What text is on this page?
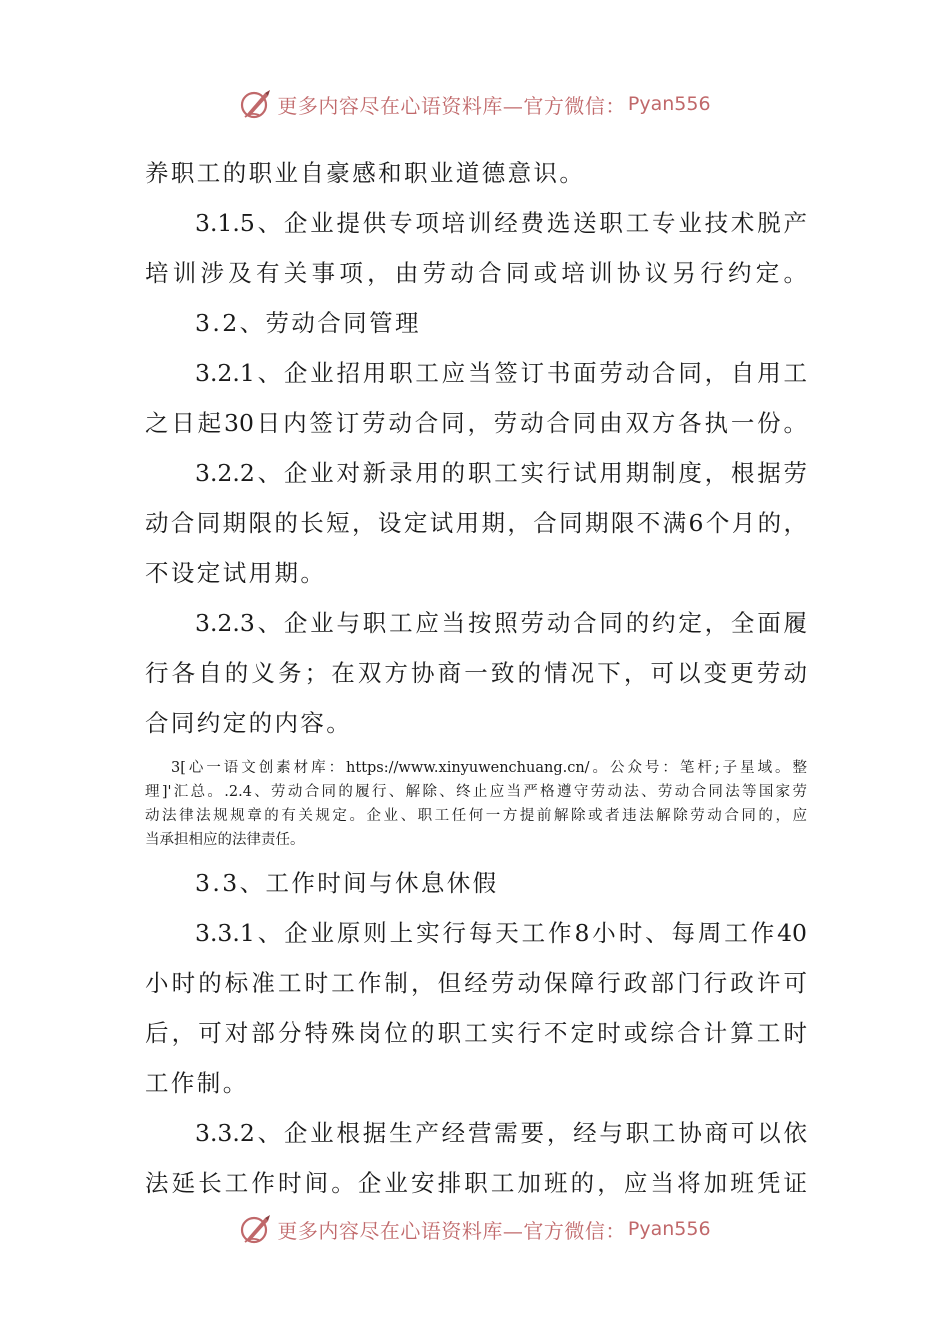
更多内容尽在心语资料库—官方微信： Pyan556
养职工的职业自豪感和职业道德意识。
3.1.5、企业提供专项培训经费选送职工专业技术脱产
培训涉及有关事项，由劳动合同或培训协议另行约定。
3.2、劳动合同管理
3.2.1、企业招用职工应当签订书面劳动合同，自用工
之日起30日内签订劳动合同，劳动合同由双方各执一份。
3.2.2、企业对新录用的职工实行试用期制度，根据劳
动合同期限的长短，设定试用期，合同期限不满6个月的，
不设定试用期。
3.2.3、企业与职工应当按照劳动合同的约定，全面履
行各自的义务；在双方协商一致的情况下，可以变更劳动
合同约定的内容。
3[心一语文创素材库：https://www.xinyuwenchuang.cn/。公众号：笔杆;子星域。整
理]'汇总。.2.4、劳动合同的履行、解除、终止应当严格遵守劳动法、劳动合同法等国家劳
动法律法规规章的有关规定。企业、职工任何一方提前解除或者违法解除劳动合同的，应
当承担相应的法律责任。
3.3、工作时间与休息休假
3.3.1、企业原则上实行每天工作8小时、每周工作40
小时的标准工时工作制，但经劳动保障行政部门行政许可
后，可对部分特殊岗位的职工实行不定时或综合计算工时
工作制。
3.3.2、企业根据生产经营需要，经与职工协商可以依
法延长工作时间。企业安排职工加班的，应当将加班凭证
更多内容尽在心语资料库—官方微信： Pyan556
